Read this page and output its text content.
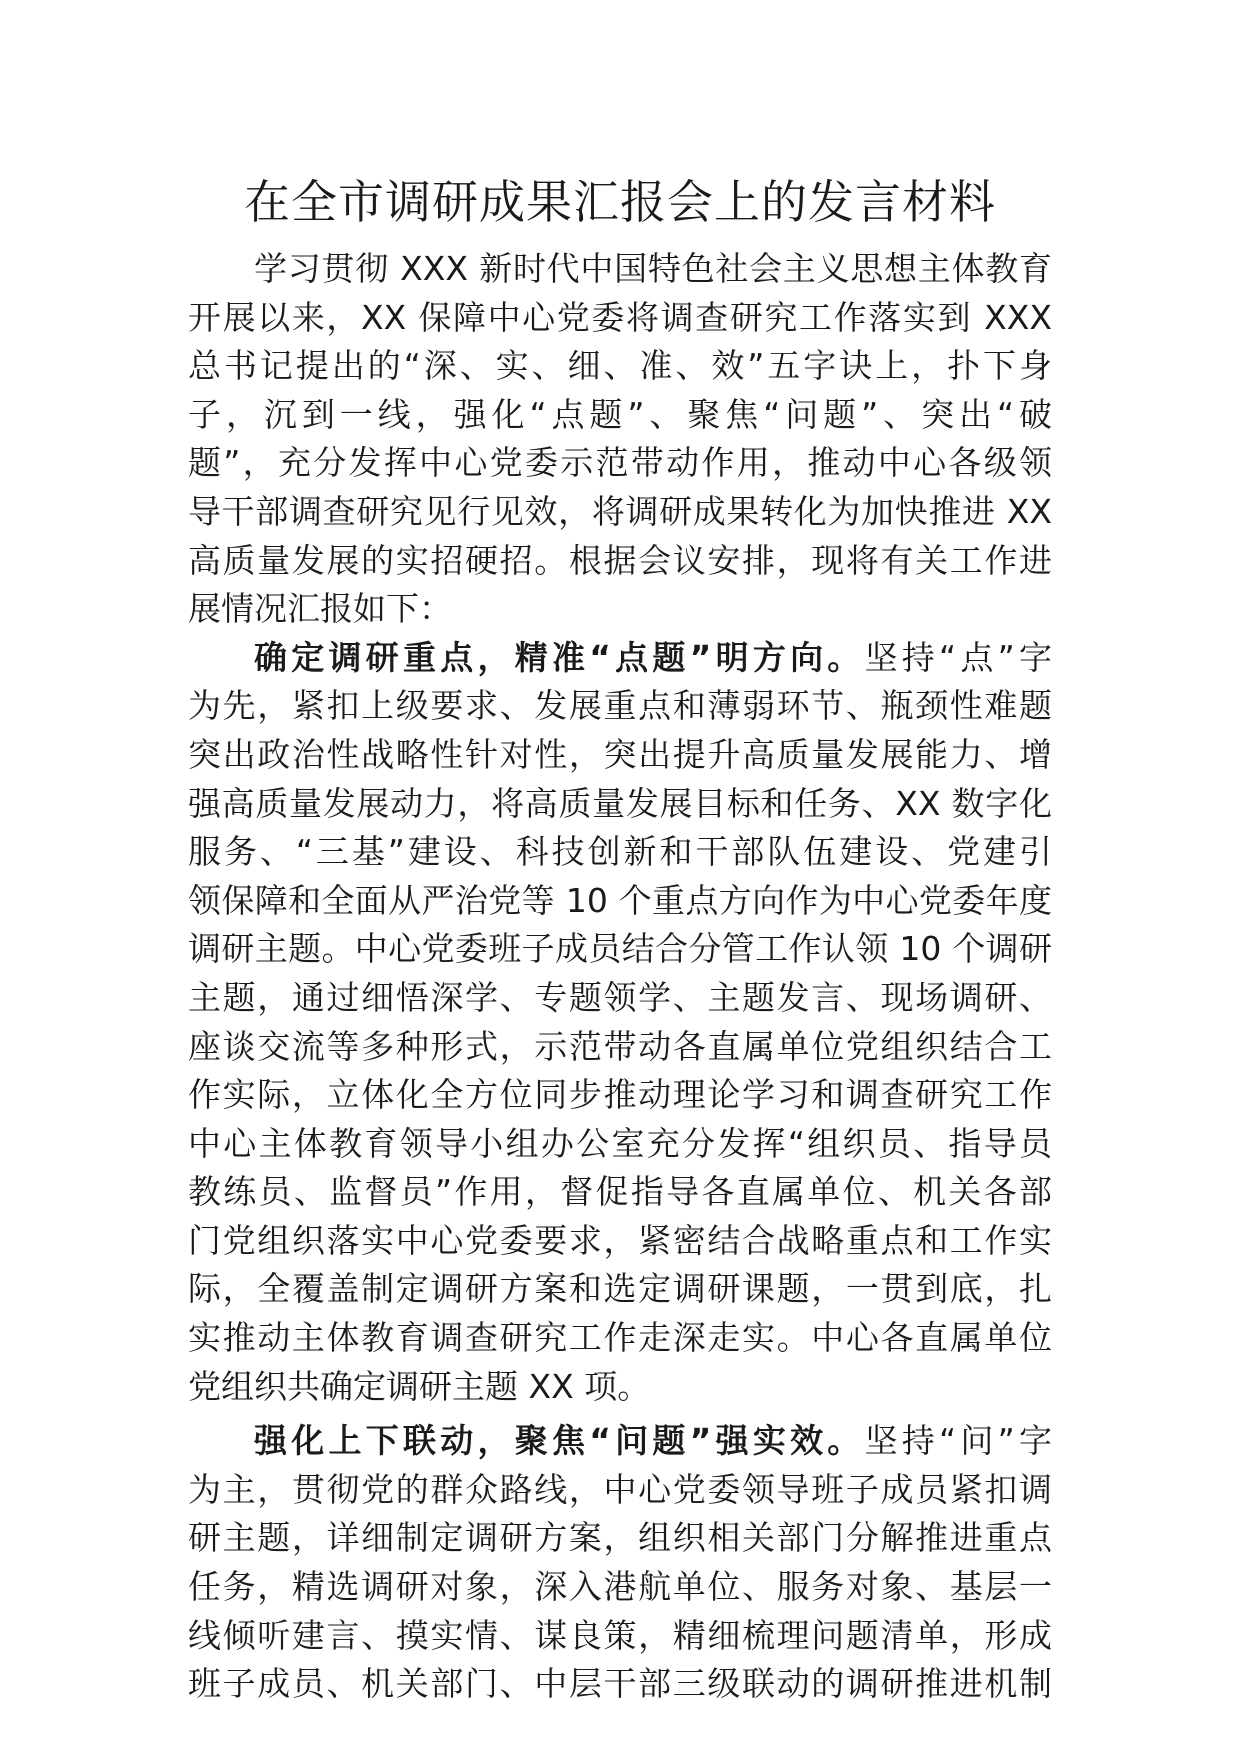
在全市调研成果汇报会上的发言材料
学习贯彻 XXX 新时代中国特色社会主义思想主体教育
开展以来，XX 保障中心党委将调查研究工作落实到 XXX
总书记提出的“深、实、细、准、效”五字诀上，扑下身
子，沉到一线，强化“点题”、聚焦“问题”、突出“破
题”，充分发挥中心党委示范带动作用，推动中心各级领
导干部调查研究见行见效，将调研成果转化为加快推进 XX
高质量发展的实招硬招。根据会议安排，现将有关工作进
展情况汇报如下：
确定调研重点，精准“点题”明方向。坚持“点”字
为先，紧扣上级要求、发展重点和薄弱环节、瓶颈性难题
突出政治性战略性针对性，突出提升高质量发展能力、增
强高质量发展动力，将高质量发展目标和任务、XX 数字化
服务、“三基”建设、科技创新和干部队伍建设、党建引
领保障和全面从严治党等 10 个重点方向作为中心党委年度
调研主题。中心党委班子成员结合分管工作认领 10 个调研
主题，通过细悟深学、专题领学、主题发言、现场调研、
座谈交流等多种形式，示范带动各直属单位党组织结合工
作实际，立体化全方位同步推动理论学习和调查研究工作
中心主体教育领导小组办公室充分发挥“组织员、指导员
教练员、监督员”作用，督促指导各直属单位、机关各部
门党组织落实中心党委要求，紧密结合战略重点和工作实
际，全覆盖制定调研方案和选定调研课题，一贯到底，扎
实推动主体教育调查研究工作走深走实。中心各直属单位
党组织共确定调研主题 XX 项。
强化上下联动，聚焦“问题”强实效。坚持“问”字
为主，贯彻党的群众路线，中心党委领导班子成员紧扣调
研主题，详细制定调研方案，组织相关部门分解推进重点
任务，精选调研对象，深入港航单位、服务对象、基层一
线倾听建言、摸实情、谋良策，精细梳理问题清单，形成
班子成员、机关部门、中层干部三级联动的调研推进机制
